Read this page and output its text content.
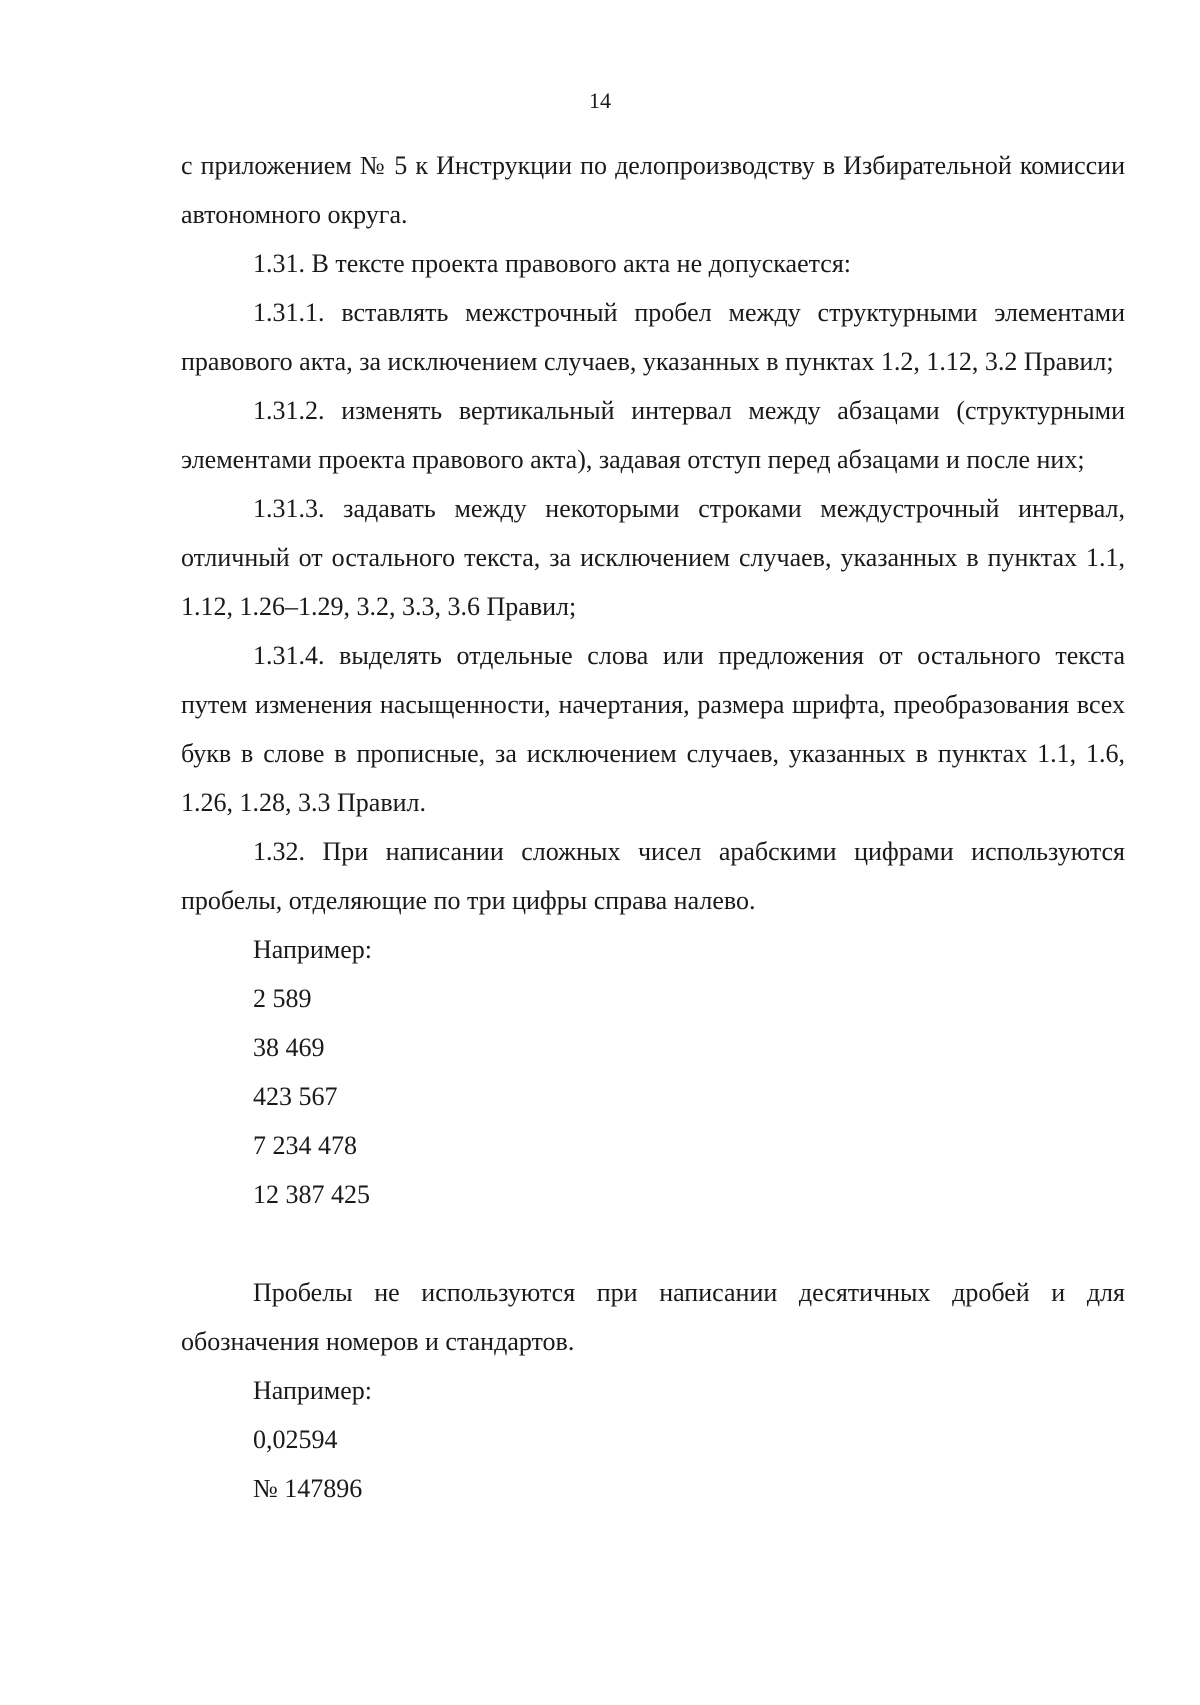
14

с приложением № 5 к Инструкции по делопроизводству в Избирательной комиссии автономного округа.

1.31. В тексте проекта правового акта не допускается:

1.31.1. вставлять межстрочный пробел между структурными элементами правового акта, за исключением случаев, указанных в пунктах 1.2, 1.12, 3.2 Правил;

1.31.2. изменять вертикальный интервал между абзацами (структурными элементами проекта правового акта), задавая отступ перед абзацами и после них;

1.31.3. задавать между некоторыми строками междустрочный интервал, отличный от остального текста, за исключением случаев, указанных в пунктах 1.1, 1.12, 1.26–1.29, 3.2, 3.3, 3.6 Правил;

1.31.4. выделять отдельные слова или предложения от остального текста путем изменения насыщенности, начертания, размера шрифта, преобразования всех букв в слове в прописные, за исключением случаев, указанных в пунктах 1.1, 1.6, 1.26, 1.28, 3.3 Правил.

1.32. При написании сложных чисел арабскими цифрами используются пробелы, отделяющие по три цифры справа налево.

Например:

2 589

38 469

423 567

7 234 478

12 387 425

Пробелы не используются при написании десятичных дробей и для обозначения номеров и стандартов.

Например:

0,02594

№ 147896
